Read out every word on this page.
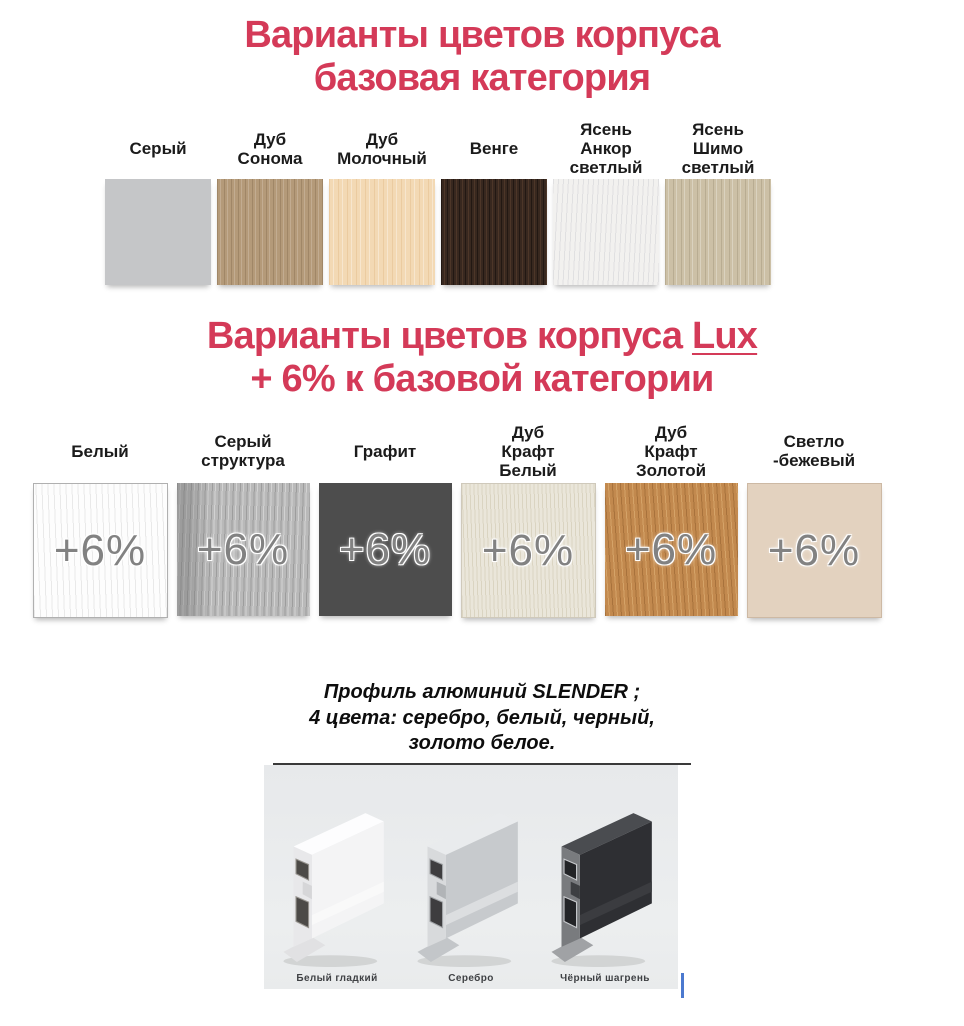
Варианты цветов корпуса
базовая категория
Серый
Дуб
Сонома
Дуб
Молочный
Венге
Ясень
Анкор
светлый
Ясень
Шимо
светлый
Варианты цветов корпуса Lux
+ 6% к базовой категории
Белый
+6%
Серый
структура
+6%
Графит
+6%
Дуб
Крафт
Белый
+6%
Дуб
Крафт
Золотой
+6%
Светло
-бежевый
+6%
Профиль алюминий SLENDER ;
4 цвета: серебро, белый, черный,
золото белое.
Белый гладкий	Серебро	Чёрный шагрень
